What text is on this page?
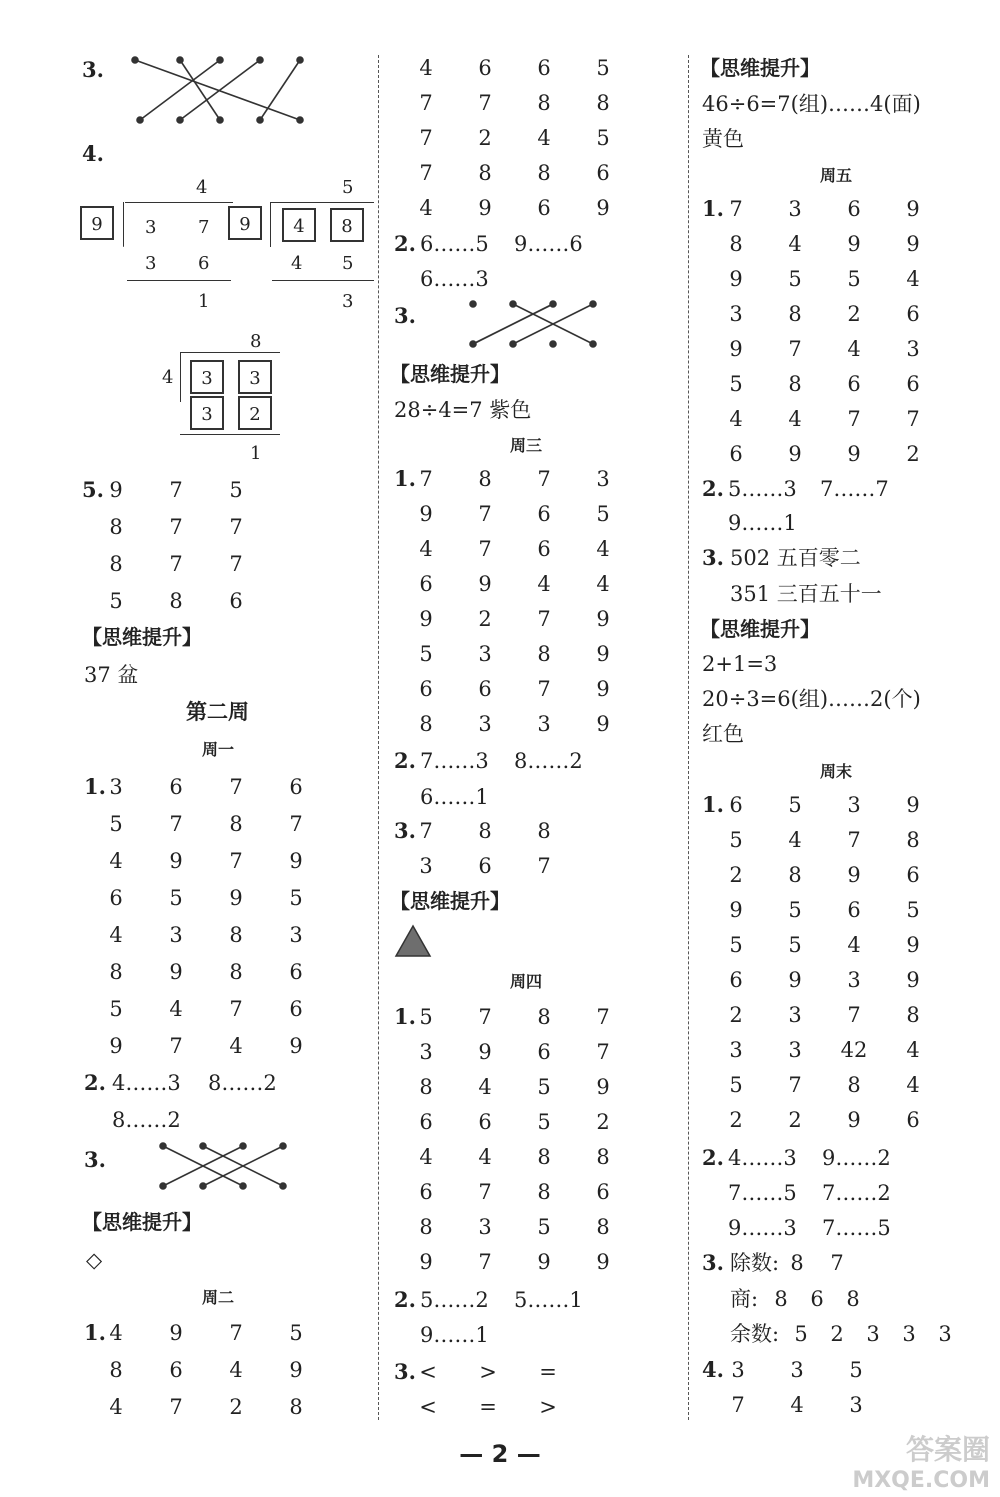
3.
4.
4
9	3 7
3 6
1
9
5
4	8
4 5
3
8
4	3	3
3	2
1
5. 9	7	5
8	7	7
8	7	7
5	8	6
【思维提升】
37 盆
第二周
周一
1. 3	6	7	6
5	7	8	7
4	9	7	9
6	5	9	5
4	3	8	3
8	9	8	6
5	4	7	6
9	7	4	9
2. 4……3 8……2
8……2
3.
【思维提升】
◇
周二
1. 4	9	7	5
8	6	4	9
4	7	2	8
4	6	6	5
7	7	8	8
7	2	4	5
7	8	8	6
4	9	6	9
2. 6……5 9……6
6……3
3.
【思维提升】
28÷4=7 紫色
周三
1. 7	8	7	3
9	7	6	5
4	7	6	4
6	9	4	4
9	2	7	9
5	3	8	9
6	6	7	9
8	3	3	9
2. 7……3 8……2
6……1
3. 7	8	8
3	6	7
【思维提升】
周四
1. 5	7	8	7
3	9	6	7
8	4	5	9
6	6	5	2
4	4	8	8
6	7	8	6
8	3	5	8
9	7	9	9
2. 5……2 5……1
9……1
3. <	>	=
<	=	>
【思维提升】
46÷6=7(组)……4(面)
黄色
周五
1. 7	3	6	9
8	4	9	9
9	5	5	4
3	8	2	6
9	7	4	3
5	8	6	6
4	4	7	7
6	9	9	2
2. 5……3 7……7
9……1
3. 502 五百零二
351 三百五十一
【思维提升】
2+1=3
20÷3=6(组)……2(个)
红色
周末
1. 6	5	3	9
5	4	7	8
2	8	9	6
9	5	6	5
5	5	4	9
6	9	3	9
2	3	7	8
3	3	42	4
5	7	8	4
2	2	9	6
2. 4……3 9……2
7……5 7……2
9……3 7……5
3. 除数: 8	7
商: 8	6	8
余数: 5	2	3	3	3
4. 3	3	5
7	4	3
— 2 —	答案圈
MXQE.COM
